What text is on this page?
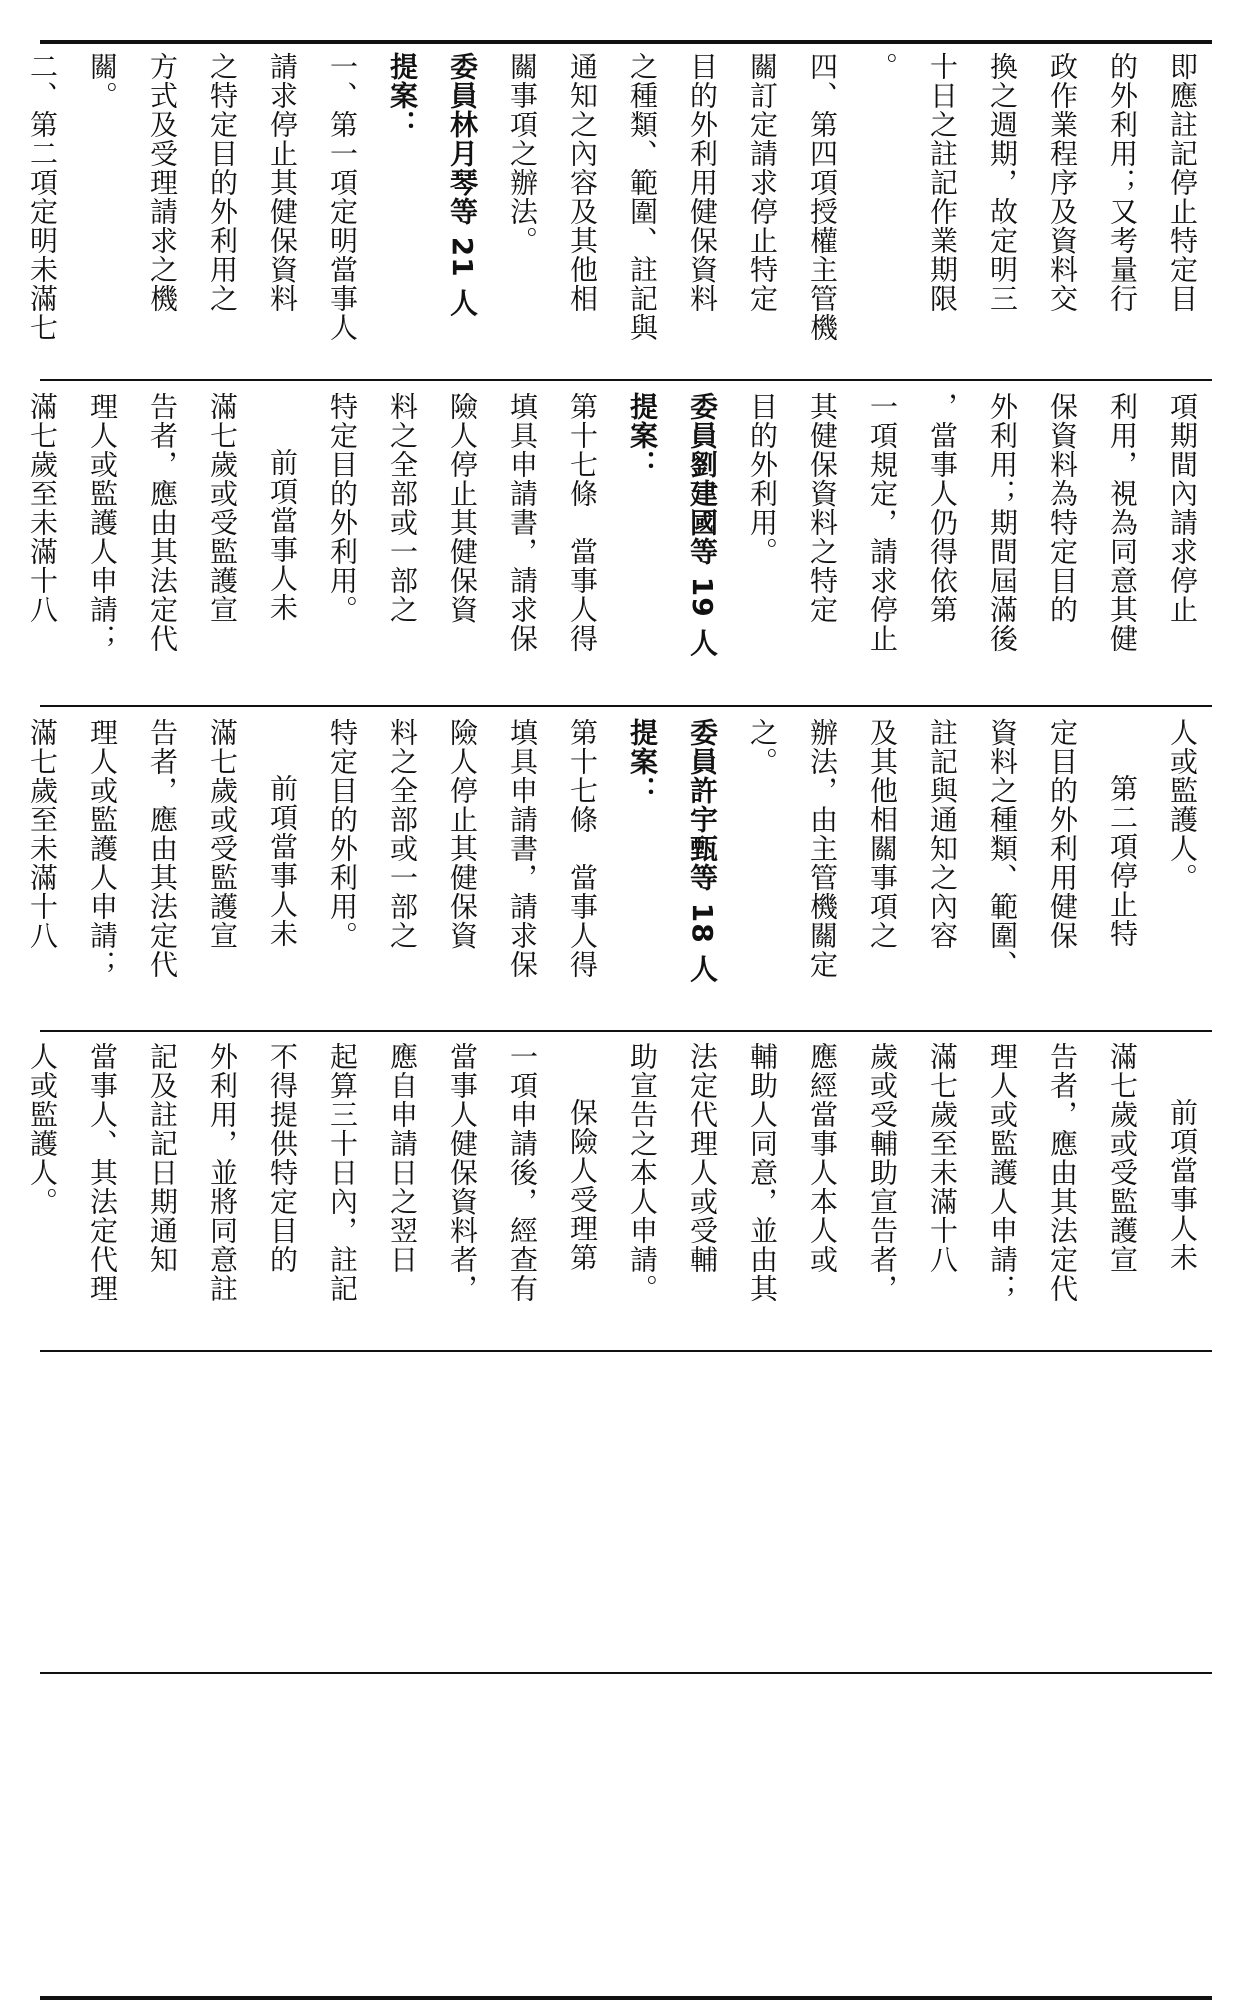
即應註記停止特定目
的外利用；又考量行
政作業程序及資料交
換之週期，故定明三
十日之註記作業期限
。
四、第四項授權主管機
關訂定請求停止特定
目的外利用健保資料
之種類、範圍、註記與
通知之內容及其他相
關事項之辦法。
委員林月琴等 21 人
提案：
一、第一項定明當事人
請求停止其健保資料
之特定目的外利用之
方式及受理請求之機
關。
二、第二項定明未滿七
項期間內請求停止
利用，視為同意其健
保資料為特定目的
外利用；期間屆滿後
，當事人仍得依第
一項規定，請求停止
其健保資料之特定
目的外利用。
委員劉建國等 19 人
提案：
第十七條　當事人得
填具申請書，請求保
險人停止其健保資
料之全部或一部之
特定目的外利用。
前項當事人未
滿七歲或受監護宣
告者，應由其法定代
理人或監護人申請；
滿七歲至未滿十八
人或監護人。
第二項停止特
定目的外利用健保
資料之種類、範圍、
註記與通知之內容
及其他相關事項之
辦法，由主管機關定
之。
委員許宇甄等 18 人
提案：
第十七條　當事人得
填具申請書，請求保
險人停止其健保資
料之全部或一部之
特定目的外利用。
前項當事人未
滿七歲或受監護宣
告者，應由其法定代
理人或監護人申請；
滿七歲至未滿十八
前項當事人未
滿七歲或受監護宣
告者，應由其法定代
理人或監護人申請；
滿七歲至未滿十八
歲或受輔助宣告者，
應經當事人本人或
輔助人同意，並由其
法定代理人或受輔
助宣告之本人申請。
保險人受理第
一項申請後，經查有
當事人健保資料者，
應自申請日之翌日
起算三十日內，註記
不得提供特定目的
外利用，並將同意註
記及註記日期通知
當事人、其法定代理
人或監護人。
